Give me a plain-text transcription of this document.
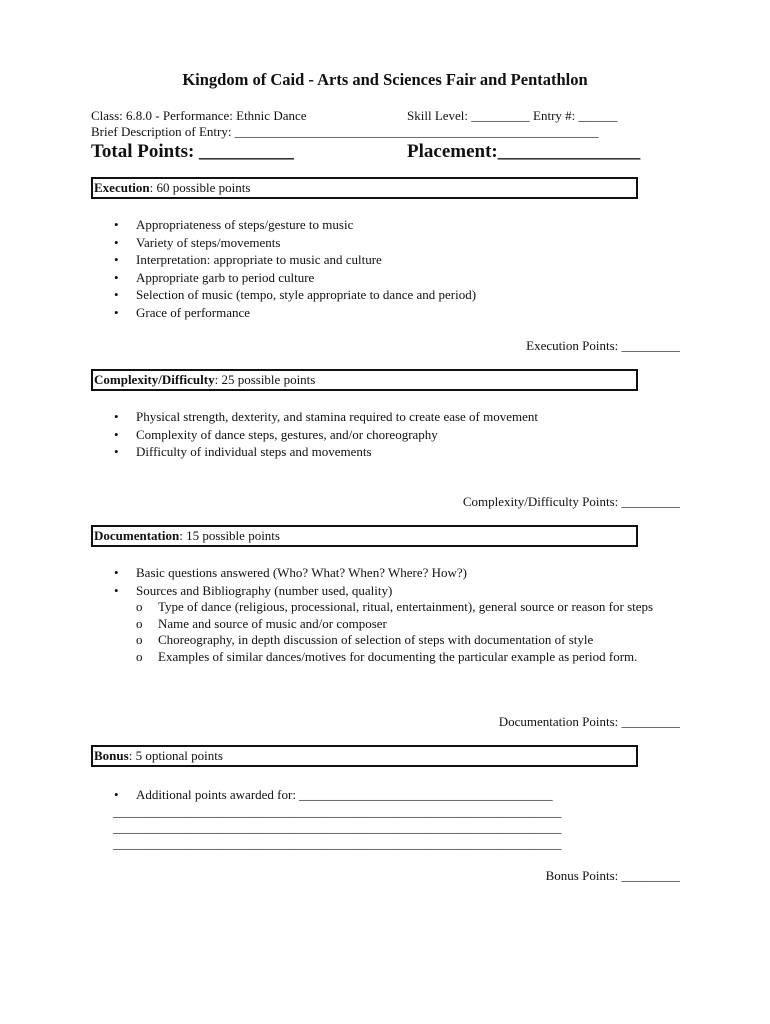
Kingdom of Caid - Arts and Sciences Fair and Pentathlon
Class: 6.8.0 - Performance: Ethnic Dance	Skill Level: _________ Entry #: ______
Brief Description of Entry: ________________________________________________________
Total Points: __________	Placement:_______________
Execution: 60 possible points
• Appropriateness of steps/gesture to music
• Variety of steps/movements
• Interpretation: appropriate to music and culture
• Appropriate garb to period culture
• Selection of music (tempo, style appropriate to dance and period)
• Grace of performance
Execution Points: _________
Complexity/Difficulty: 25 possible points
• Physical strength, dexterity, and stamina required to create ease of movement
• Complexity of dance steps, gestures, and/or choreography
• Difficulty of individual steps and movements
Complexity/Difficulty Points: _________
Documentation: 15 possible points
• Basic questions answered (Who? What? When? Where? How?)
• Sources and Bibliography (number used, quality)
o Type of dance (religious, processional, ritual, entertainment), general source or reason for steps
o Name and source of music and/or composer
o Choreography, in depth discussion of selection of steps with documentation of style
o Examples of similar dances/motives for documenting the particular example as period form.
Documentation Points: _________
Bonus: 5 optional points
• Additional points awarded for: _______________________________________
_____________________________________________________________________
_____________________________________________________________________
_____________________________________________________________________
Bonus Points: _________
